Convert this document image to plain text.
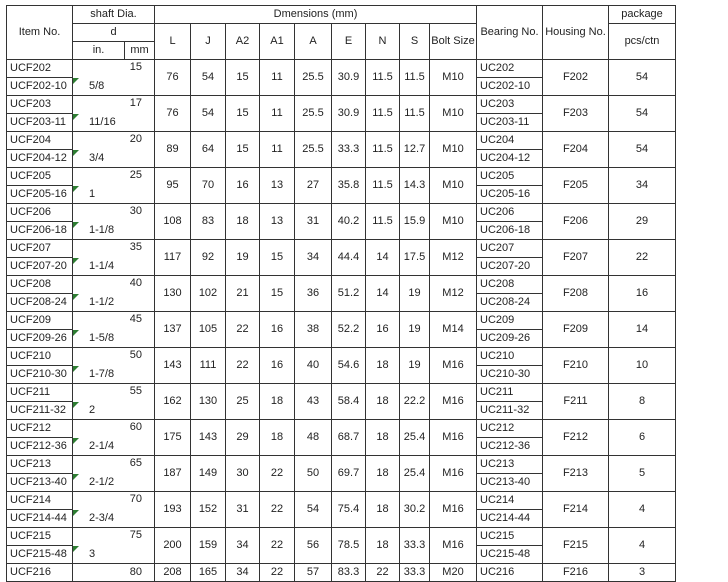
Item No.	shaft Dia.		Dmensions (mm)									Bearing No.	Housing No.	package
	d		L	J	A2	A1	A	E	N	S	Bolt Size			pcs/ctn
	in.	mm												
UCF202		15	76	54	15	11	25.5	30.9	11.5	11.5	M10	UC202	F202	54
UCF202-10	5/8											UC202-10		
UCF203		17	76	54	15	11	25.5	30.9	11.5	11.5	M10	UC203	F203	54
UCF203-11	11/16											UC203-11		
UCF204		20	89	64	15	11	25.5	33.3	11.5	12.7	M10	UC204	F204	54
UCF204-12	3/4											UC204-12		
UCF205		25	95	70	16	13	27	35.8	11.5	14.3	M10	UC205	F205	34
UCF205-16	1											UC205-16		
UCF206		30	108	83	18	13	31	40.2	11.5	15.9	M10	UC206	F206	29
UCF206-18	1-1/8											UC206-18		
UCF207		35	117	92	19	15	34	44.4	14	17.5	M12	UC207	F207	22
UCF207-20	1-1/4											UC207-20		
UCF208		40	130	102	21	15	36	51.2	14	19	M12	UC208	F208	16
UCF208-24	1-1/2											UC208-24		
UCF209		45	137	105	22	16	38	52.2	16	19	M14	UC209	F209	14
UCF209-26	1-5/8											UC209-26		
UCF210		50	143	111	22	16	40	54.6	18	19	M16	UC210	F210	10
UCF210-30	1-7/8											UC210-30		
UCF211		55	162	130	25	18	43	58.4	18	22.2	M16	UC211	F211	8
UCF211-32	2											UC211-32		
UCF212		60	175	143	29	18	48	68.7	18	25.4	M16	UC212	F212	6
UCF212-36	2-1/4											UC212-36		
UCF213		65	187	149	30	22	50	69.7	18	25.4	M16	UC213	F213	5
UCF213-40	2-1/2											UC213-40		
UCF214		70	193	152	31	22	54	75.4	18	30.2	M16	UC214	F214	4
UCF214-44	2-3/4											UC214-44		
UCF215		75	200	159	34	22	56	78.5	18	33.3	M16	UC215	F215	4
UCF215-48	3											UC215-48		
UCF216		80	208	165	34	22	57	83.3	22	33.3	M20	UC216	F216	3
